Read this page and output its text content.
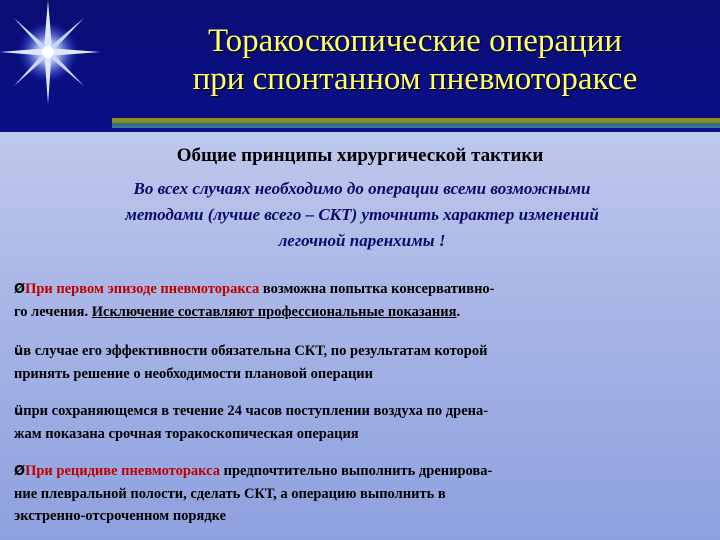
Торакоскопические операции
при спонтанном пневмотораксе
Общие принципы хирургической тактики
Во всех случаях необходимо до операции всеми возможными
методами (лучше всего – СКТ) уточнить характер изменений
легочной паренхимы !
ØПри первом эпизоде пневмоторакса возможна попытка консервативно-
го лечения. Исключение составляют профессиональные показания.
üв случае его эффективности обязательна СКТ, по результатам которой
принять решение о необходимости плановой операции
üпри сохраняющемся в течение 24 часов поступлении воздуха по дрена-
жам показана срочная торакоскопическая операция
ØПри рецидиве пневмоторакса предпочтительно выполнить дренирова-
ние плевральной полости, сделать СКТ, а операцию выполнить в
экстренно-отсроченном порядке
